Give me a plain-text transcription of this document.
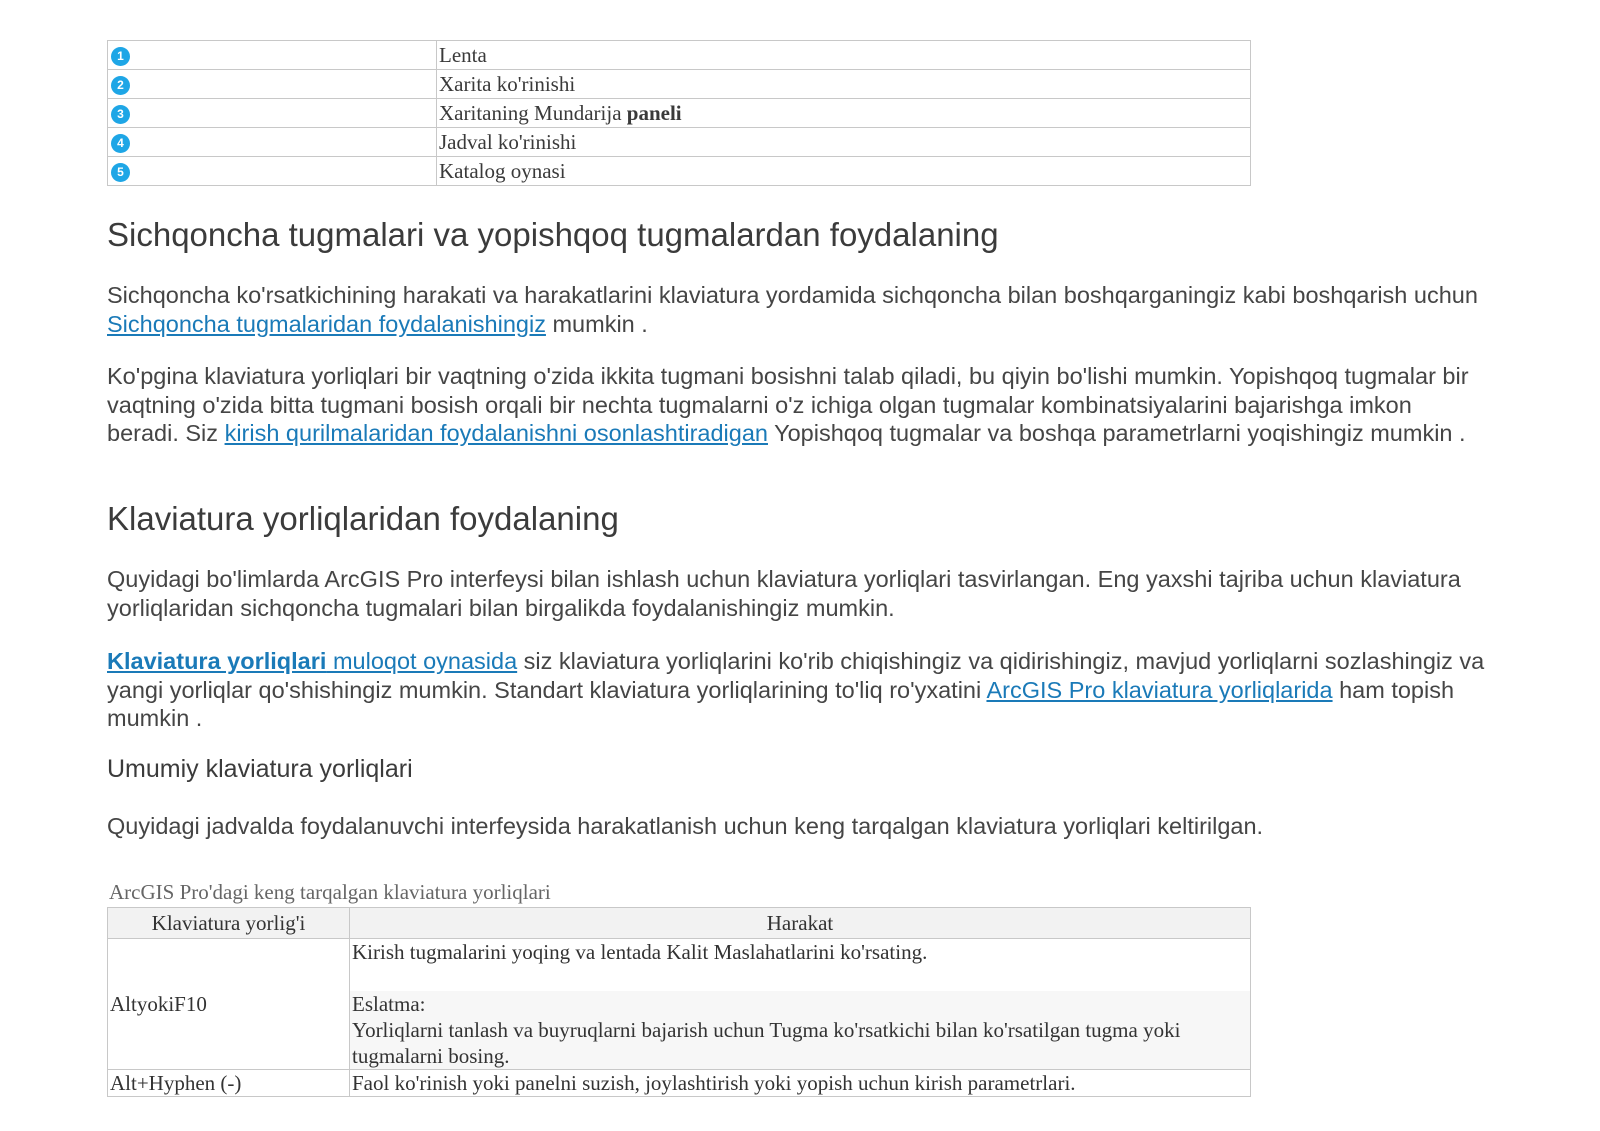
1	Lenta
2	Xarita ko'rinishi
3	Xaritaning Mundarija paneli
4	Jadval ko'rinishi
5	Katalog oynasi
Sichqoncha tugmalari va yopishqoq tugmalardan foydalaning

Sichqoncha ko'rsatkichining harakati va harakatlarini klaviatura yordamida sichqoncha bilan boshqarganingiz kabi boshqarish uchun Sichqoncha tugmalaridan foydalanishingiz mumkin .

Ko'pgina klaviatura yorliqlari bir vaqtning o'zida ikkita tugmani bosishni talab qiladi, bu qiyin bo'lishi mumkin. Yopishqoq tugmalar bir vaqtning o'zida bitta tugmani bosish orqali bir nechta tugmalarni o'z ichiga olgan tugmalar kombinatsiyalarini bajarishga imkon beradi. Siz kirish qurilmalaridan foydalanishni osonlashtiradigan Yopishqoq tugmalar va boshqa parametrlarni yoqishingiz mumkin .

Klaviatura yorliqlaridan foydalaning

Quyidagi bo'limlarda ArcGIS Pro interfeysi bilan ishlash uchun klaviatura yorliqlari tasvirlangan. Eng yaxshi tajriba uchun klaviatura yorliqlaridan sichqoncha tugmalari bilan birgalikda foydalanishingiz mumkin.

Klaviatura yorliqlari muloqot oynasida siz klaviatura yorliqlarini ko'rib chiqishingiz va qidirishingiz, mavjud yorliqlarni sozlashingiz va yangi yorliqlar qo'shishingiz mumkin. Standart klaviatura yorliqlarining to'liq ro'yxatini ArcGIS Pro klaviatura yorliqlarida ham topish mumkin .

Umumiy klaviatura yorliqlari

Quyidagi jadvalda foydalanuvchi interfeysida harakatlanish uchun keng tarqalgan klaviatura yorliqlari keltirilgan.

ArcGIS Pro'dagi keng tarqalgan klaviatura yorliqlari
Klaviatura yorlig'i	Harakat
AltyokiF10	Kirish tugmalarini yoqing va lentada Kalit Maslahatlarini ko'rsating.
Eslatma:
Yorliqlarni tanlash va buyruqlarni bajarish uchun Tugma ko'rsatkichi bilan ko'rsatilgan tugma yoki tugmalarni bosing.

Alt+Hyphen (-)	Faol ko'rinish yoki panelni suzish, joylashtirish yoki yopish uchun kirish parametrlari.
